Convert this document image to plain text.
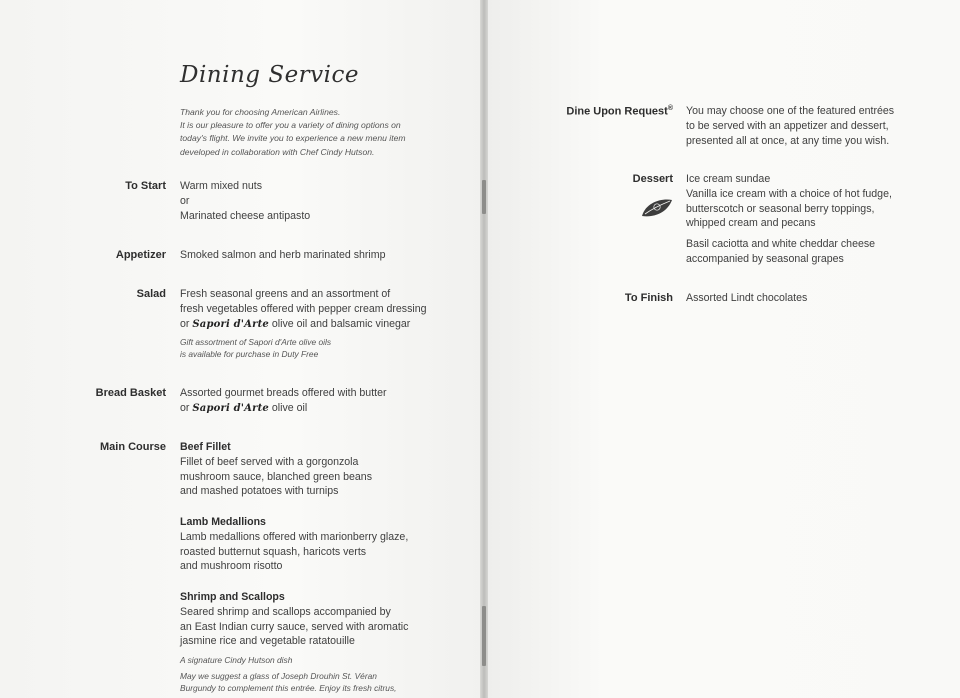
Dining Service
Thank you for choosing American Airlines.
It is our pleasure to offer you a variety of dining options on
today's flight. We invite you to experience a new menu item
developed in collaboration with Chef Cindy Hutson.
To Start Warm mixed nuts
or
Marinated cheese antipasto
Appetizer Smoked salmon and herb marinated shrimp
Salad Fresh seasonal greens and an assortment of
fresh vegetables offered with pepper cream dressing
or Sapori d'Arte olive oil and balsamic vinegar
Gift assortment of Sapori d'Arte olive oils
is available for purchase in Duty Free
Bread Basket Assorted gourmet breads offered with butter
or Sapori d'Arte olive oil
Main Course Beef Fillet
Fillet of beef served with a gorgonzola
mushroom sauce, blanched green beans
and mashed potatoes with turnips
Lamb Medallions
Lamb medallions offered with marionberry glaze,
roasted butternut squash, haricots verts
and mushroom risotto
Shrimp and Scallops
Seared shrimp and scallops accompanied by
an East Indian curry sauce, served with aromatic
jasmine rice and vegetable ratatouille
A signature Cindy Hutson dish
May we suggest a glass of Joseph Drouhin St. Véran
Burgundy to complement this entrée. Enjoy its fresh citrus,
Dine Upon Request® You may choose one of the featured entrées
to be served with an appetizer and dessert,
presented all at once, at any time you wish.
Dessert Ice cream sundae
Vanilla ice cream with a choice of hot fudge,
butterscotch or seasonal berry toppings,
whipped cream and pecans
Basil caciotta and white cheddar cheese
accompanied by seasonal grapes
To Finish Assorted Lindt chocolates
